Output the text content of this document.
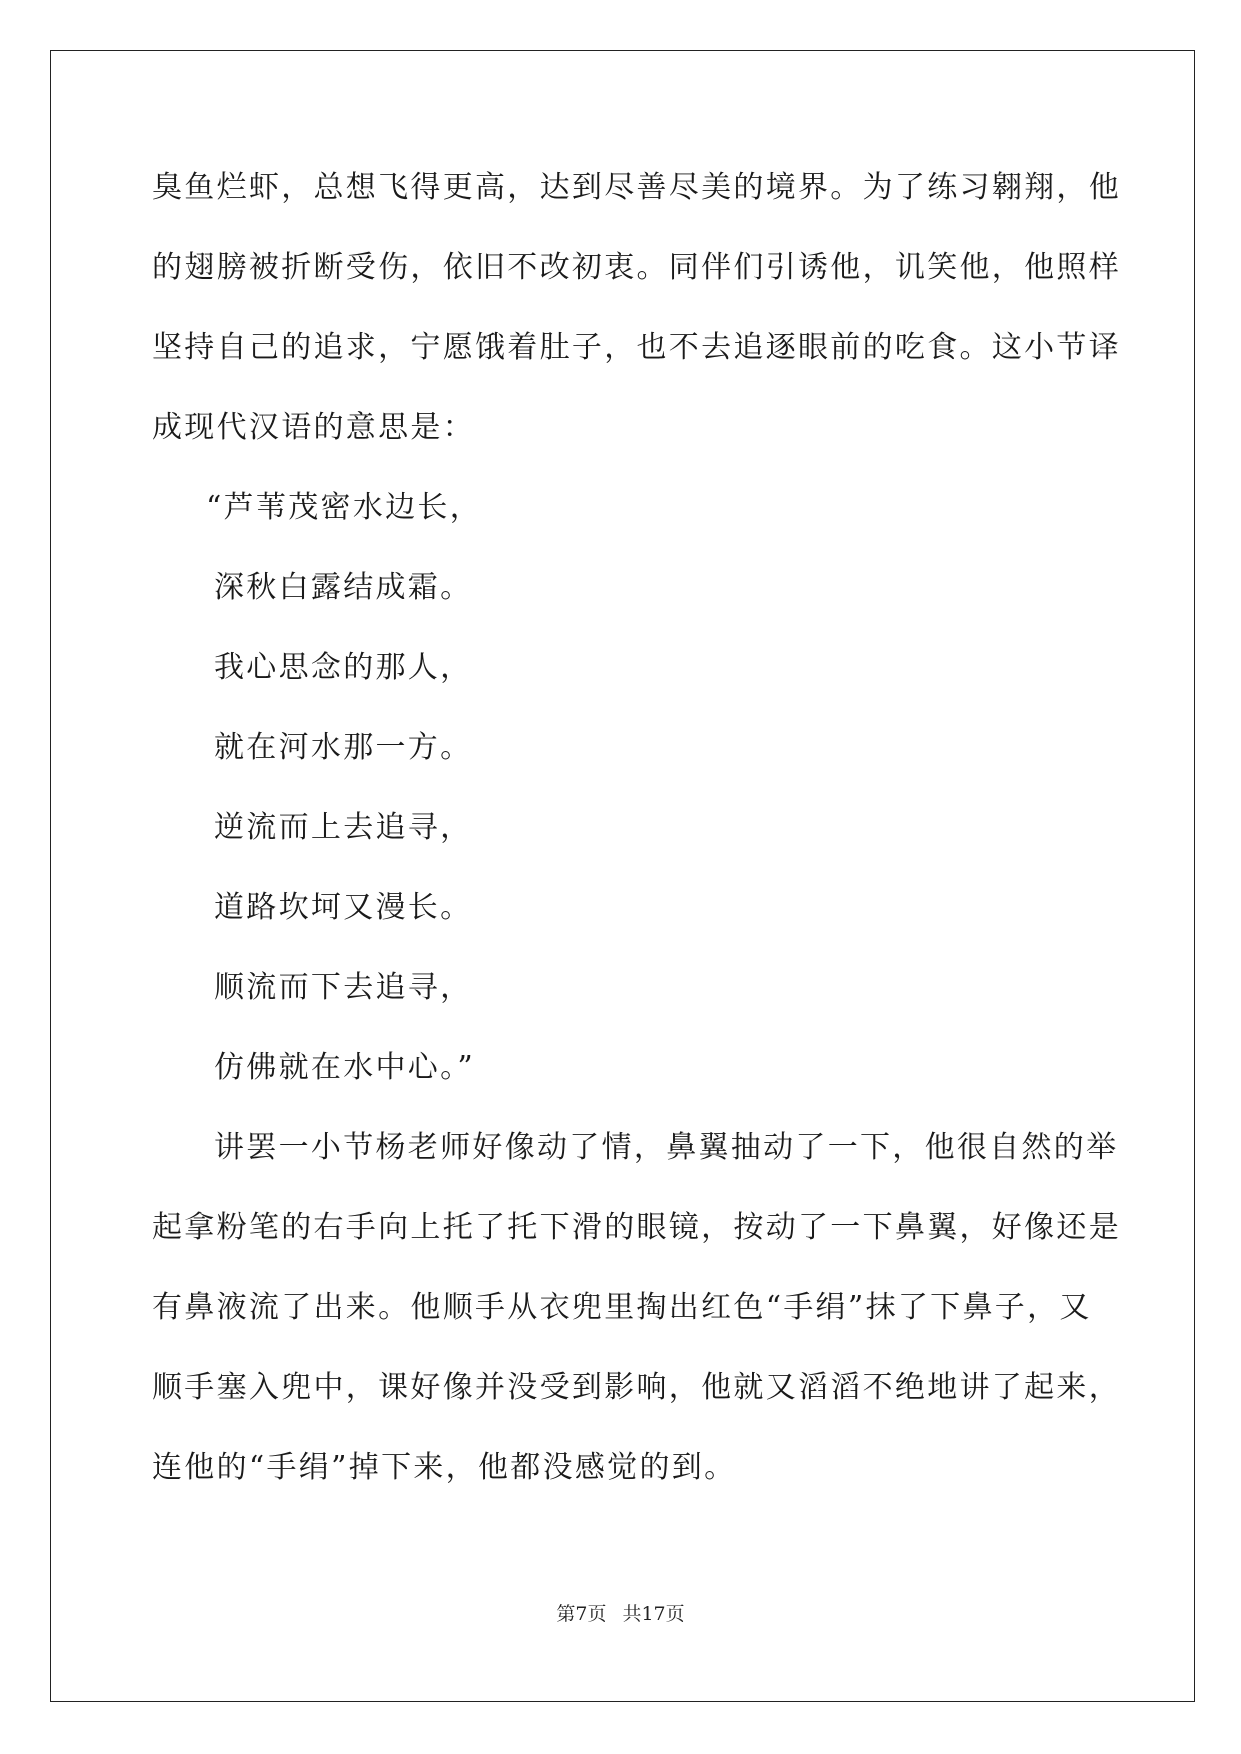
臭鱼烂虾，总想飞得更高，达到尽善尽美的境界。为了练习翱翔，他
的翅膀被折断受伤，依旧不改初衷。同伴们引诱他，讥笑他，他照样
坚持自己的追求，宁愿饿着肚子，也不去追逐眼前的吃食。这小节译
成现代汉语的意思是：
“芦苇茂密水边长，
深秋白露结成霜。
我心思念的那人，
就在河水那一方。
逆流而上去追寻，
道路坎坷又漫长。
顺流而下去追寻，
仿佛就在水中心。”
讲罢一小节杨老师好像动了情，鼻翼抽动了一下，他很自然的举
起拿粉笔的右手向上托了托下滑的眼镜，按动了一下鼻翼，好像还是
有鼻液流了出来。他顺手从衣兜里掏出红色“手绢”抹了下鼻子，又
顺手塞入兜中，课好像并没受到影响，他就又滔滔不绝地讲了起来，
连他的“手绢”掉下来，他都没感觉的到。
第7页 共17页
